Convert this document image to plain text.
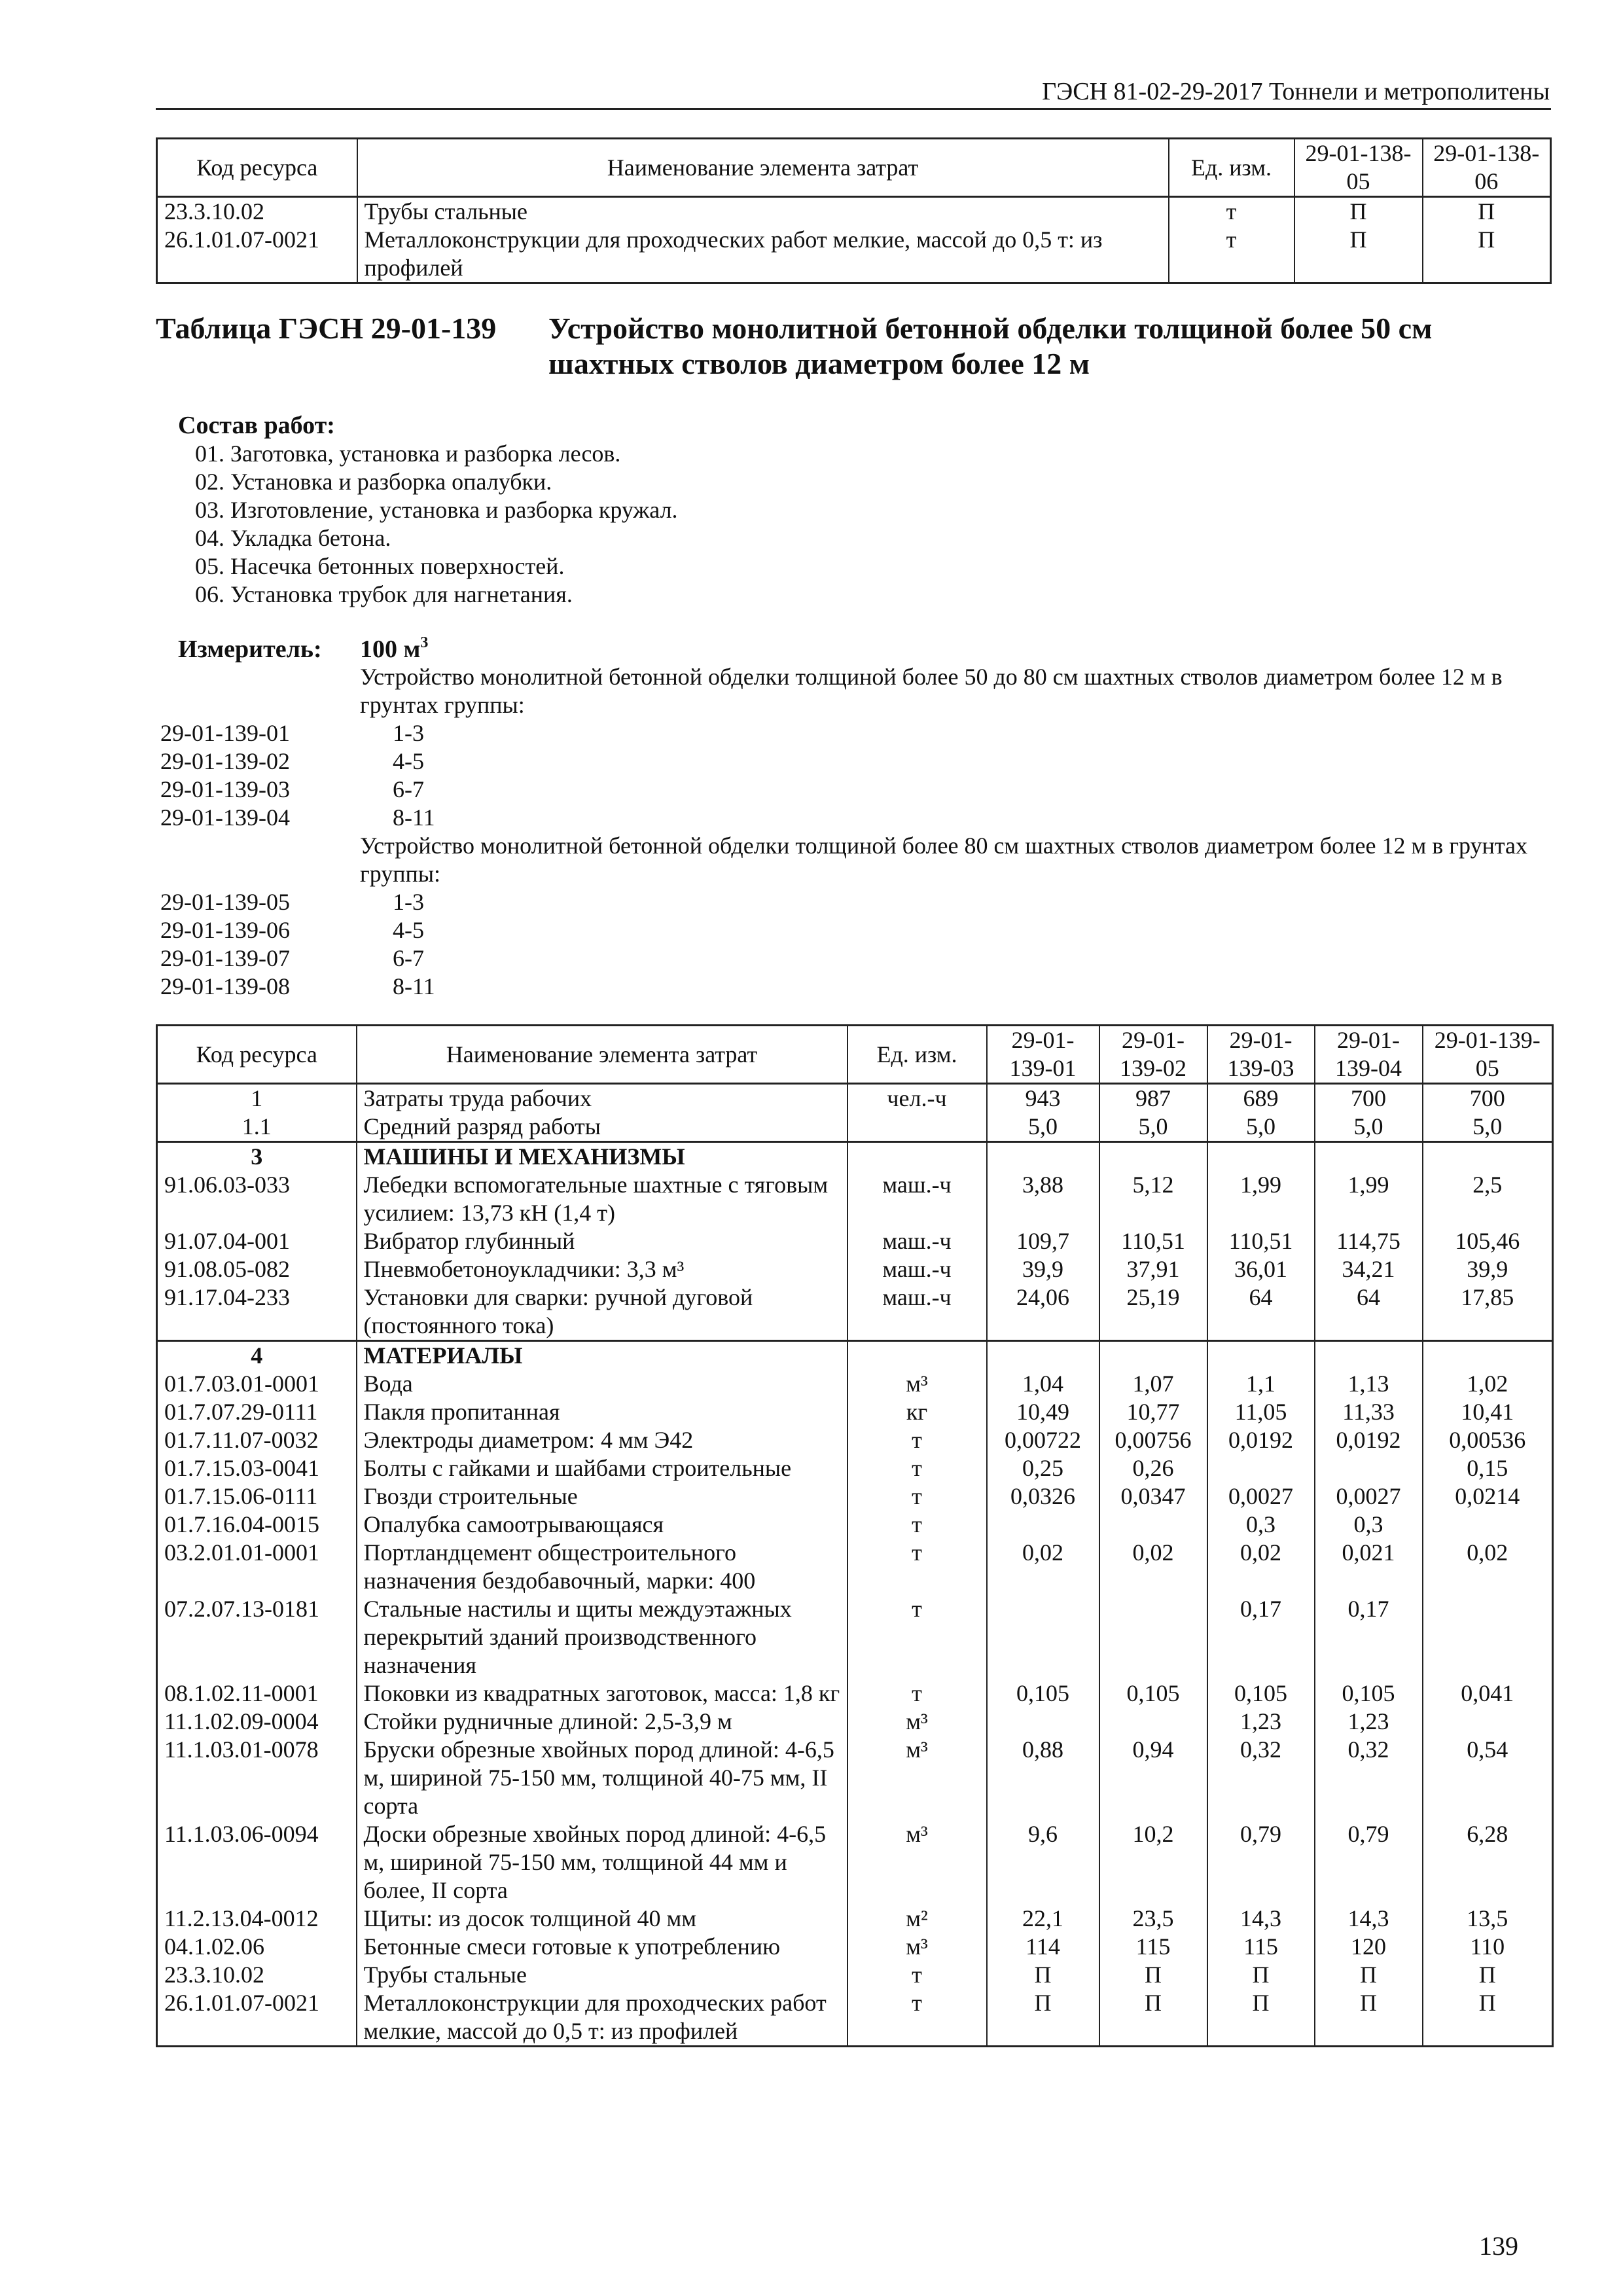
ГЭСН 81-02-29-2017 Тоннели и метрополитены
Код ресурса	Наименование элемента затрат	Ед. изм.	29-01-138-05	29-01-138-06
23.3.10.02	Трубы стальные	т	П	П
26.1.01.07-0021	Металлоконструкции для проходческих работ мелкие, массой до 0,5 т: из профилей	т	П	П
Таблица ГЭСН 29-01-139 Устройство монолитной бетонной обделки толщиной более 50 см шахтных стволов диаметром более 12 м
Состав работ:
01. Заготовка, установка и разборка лесов.
02. Установка и разборка опалубки.
03. Изготовление, установка и разборка кружал.
04. Укладка бетона.
05. Насечка бетонных поверхностей.
06. Установка трубок для нагнетания.
Измеритель: 100 $м^3$
Устройство монолитной бетонной обделки толщиной более 50 до 80 см шахтных стволов диаметром более 12 м в грунтах группы:
29-01-139-01	1-3
29-01-139-02	4-5
29-01-139-03	6-7
29-01-139-04	8-11
Устройство монолитной бетонной обделки толщиной более 80 см шахтных стволов диаметром более 12 м в грунтах группы:
29-01-139-05	1-3
29-01-139-06	4-5
29-01-139-07	6-7
29-01-139-08	8-11
Код ресурса	Наименование элемента затрат	Ед. изм.	29-01-139-01	29-01-139-02	29-01-139-03	29-01-139-04	29-01-139-05
1	Затраты труда рабочих	чел.-ч	943	987	689	700	700
1.1	Средний разряд работы		5,0	5,0	5,0	5,0	5,0
3	МАШИНЫ И МЕХАНИЗМЫ						
91.06.03-033	Лебедки вспомогательные шахтные с тяговым усилием: 13,73 кН (1,4 т)	маш.-ч	3,88	5,12	1,99	1,99	2,5
91.07.04-001	Вибратор глубинный	маш.-ч	109,7	110,51	110,51	114,75	105,46
91.08.05-082	Пневмобетоноукладчики: 3,3 м³	маш.-ч	39,9	37,91	36,01	34,21	39,9
91.17.04-233	Установки для сварки: ручной дуговой (постоянного тока)	маш.-ч	24,06	25,19	64	64	17,85
4	МАТЕРИАЛЫ						
01.7.03.01-0001	Вода	м³	1,04	1,07	1,1	1,13	1,02
01.7.07.29-0111	Пакля пропитанная	кг	10,49	10,77	11,05	11,33	10,41
01.7.11.07-0032	Электроды диаметром: 4 мм Э42	т	0,00722	0,00756	0,0192	0,0192	0,00536
01.7.15.03-0041	Болты с гайками и шайбами строительные	т	0,25	0,26			0,15
01.7.15.06-0111	Гвозди строительные	т	0,0326	0,0347	0,0027	0,0027	0,0214
01.7.16.04-0015	Опалубка самоотрывающаяся	т			0,3	0,3	
03.2.01.01-0001	Портландцемент общестроительного назначения бездобавочный, марки: 400	т	0,02	0,02	0,02	0,021	0,02
07.2.07.13-0181	Стальные настилы и щиты междуэтажных перекрытий зданий производственного назначения	т			0,17	0,17	
08.1.02.11-0001	Поковки из квадратных заготовок, масса: 1,8 кг	т	0,105	0,105	0,105	0,105	0,041
11.1.02.09-0004	Стойки рудничные длиной: 2,5-3,9 м	м³			1,23	1,23	
11.1.03.01-0078	Бруски обрезные хвойных пород длиной: 4-6,5 м, шириной 75-150 мм, толщиной 40-75 мм, II сорта	м³	0,88	0,94	0,32	0,32	0,54
11.1.03.06-0094	Доски обрезные хвойных пород длиной: 4-6,5 м, шириной 75-150 мм, толщиной 44 мм и более, II сорта	м³	9,6	10,2	0,79	0,79	6,28
11.2.13.04-0012	Щиты: из досок толщиной 40 мм	м²	22,1	23,5	14,3	14,3	13,5
04.1.02.06	Бетонные смеси готовые к употреблению	м³	114	115	115	120	110
23.3.10.02	Трубы стальные	т	П	П	П	П	П
26.1.01.07-0021	Металлоконструкции для проходческих работ мелкие, массой до 0,5 т: из профилей	т	П	П	П	П	П
139
